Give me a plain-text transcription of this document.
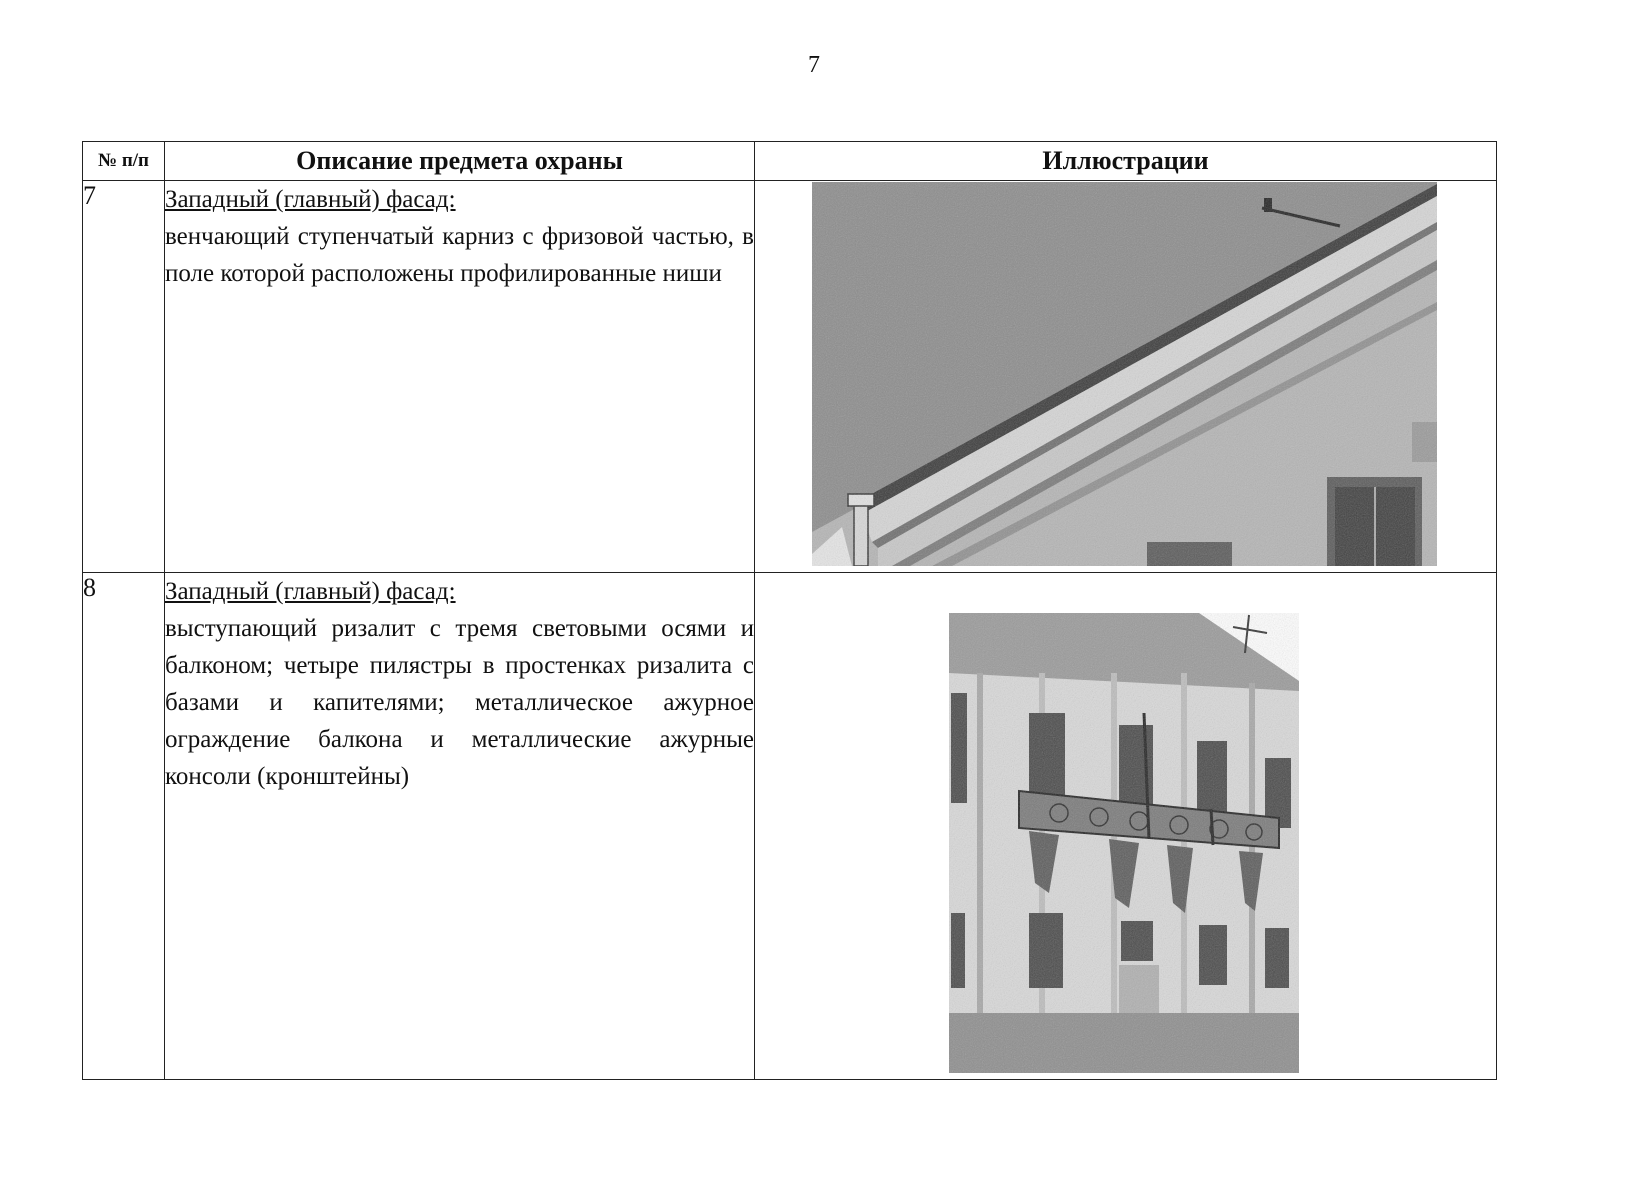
7
№ п/п	Описание предмета охраны	Иллюстрации
7	Западный (главный) фасад:
венчающий ступенчатый карниз с фризовой частью, в поле которой расположены профилированные ниши

8	Западный (главный) фасад:
выступающий ризалит с тремя световыми осями и балконом; четыре пилястры в простенках ризалита с базами и капителями; металлическое ажурное ограждение балкона и металлические ажурные консоли (кронштейны)
